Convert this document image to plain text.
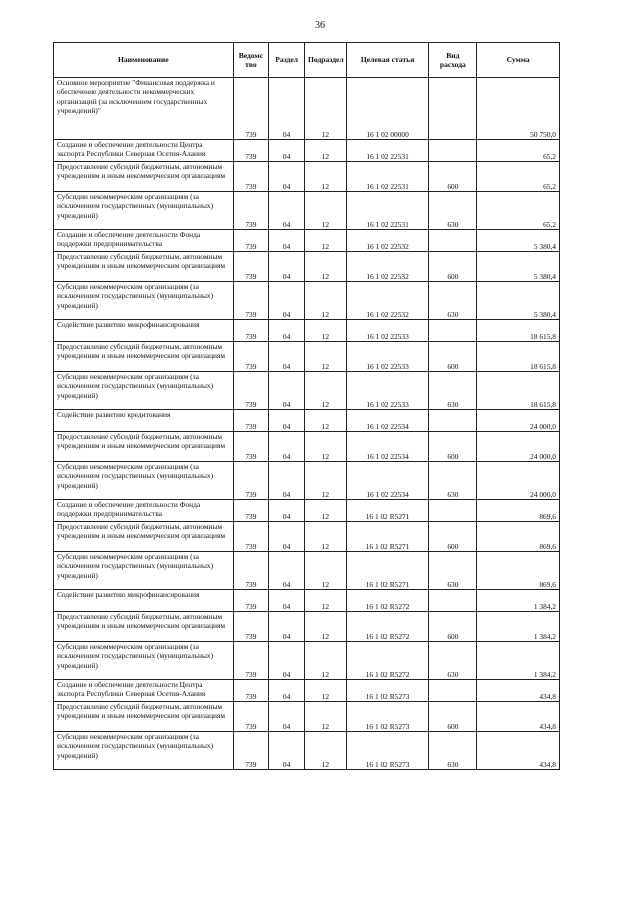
36
Наименование	Ведомство	Раздел	Подраздел	Целевая статья	Вид расхода	Сумма
Основное мероприятие "Финансовая поддержка и обеспечение деятельности некоммерческих организаций (за исключением государственных учреждений)"	739	04	12	16 1 02 00000		50 750,0
Создание и обеспечение деятельности Центра экспорта Республики Северная Осетия-Алания	739	04	12	16 1 02 22531		65,2
Предоставление субсидий бюджетным, автономным учреждениям и иным некоммерческим организациям	739	04	12	16 1 02 22531	600	65,2
Субсидии некоммерческим организациям (за исключением государственных (муниципальных) учреждений)	739	04	12	16 1 02 22531	630	65,2
Создание и обеспечение деятельности Фонда поддержки предпринимательства	739	04	12	16 1 02 22532		5 380,4
Предоставление субсидий бюджетным, автономным учреждениям и иным некоммерческим организациям	739	04	12	16 1 02 22532	600	5 380,4
Субсидии некоммерческим организациям (за исключением государственных (муниципальных) учреждений)	739	04	12	16 1 02 22532	630	5 380,4
Содействие развитию микрофинансирования	739	04	12	16 1 02 22533		18 615,8
Предоставление субсидий бюджетным, автономным учреждениям и иным некоммерческим организациям	739	04	12	16 1 02 22533	600	18 615,8
Субсидии некоммерческим организациям (за исключением государственных (муниципальных) учреждений)	739	04	12	16 1 02 22533	630	18 615,8
Содействие развитию кредитования	739	04	12	16 1 02 22534		24 000,0
Предоставление субсидий бюджетным, автономным учреждениям и иным некоммерческим организациям	739	04	12	16 1 02 22534	600	24 000,0
Субсидии некоммерческим организациям (за исключением государственных (муниципальных) учреждений)	739	04	12	16 1 02 22534	630	24 000,0
Создание и обеспечение деятельности Фонда поддержки предпринимательства	739	04	12	16 1 02 R5271		869,6
Предоставление субсидий бюджетным, автономным учреждениям и иным некоммерческим организациям	739	04	12	16 1 02 R5271	600	869,6
Субсидии некоммерческим организациям (за исключением государственных (муниципальных) учреждений)	739	04	12	16 1 02 R5271	630	869,6
Содействие развитию микрофинансирования	739	04	12	16 1 02 R5272		1 384,2
Предоставление субсидий бюджетным, автономным учреждениям и иным некоммерческим организациям	739	04	12	16 1 02 R5272	600	1 384,2
Субсидии некоммерческим организациям (за исключением государственных (муниципальных) учреждений)	739	04	12	16 1 02 R5272	630	1 384,2
Создание и обеспечение деятельности Центра экспорта Республики Северная Осетия-Алания	739	04	12	16 1 02 R5273		434,8
Предоставление субсидий бюджетным, автономным учреждениям и иным некоммерческим организациям	739	04	12	16 1 02 R5273	600	434,8
Субсидии некоммерческим организациям (за исключением государственных (муниципальных) учреждений)	739	04	12	16 1 02 R5273	630	434,8
